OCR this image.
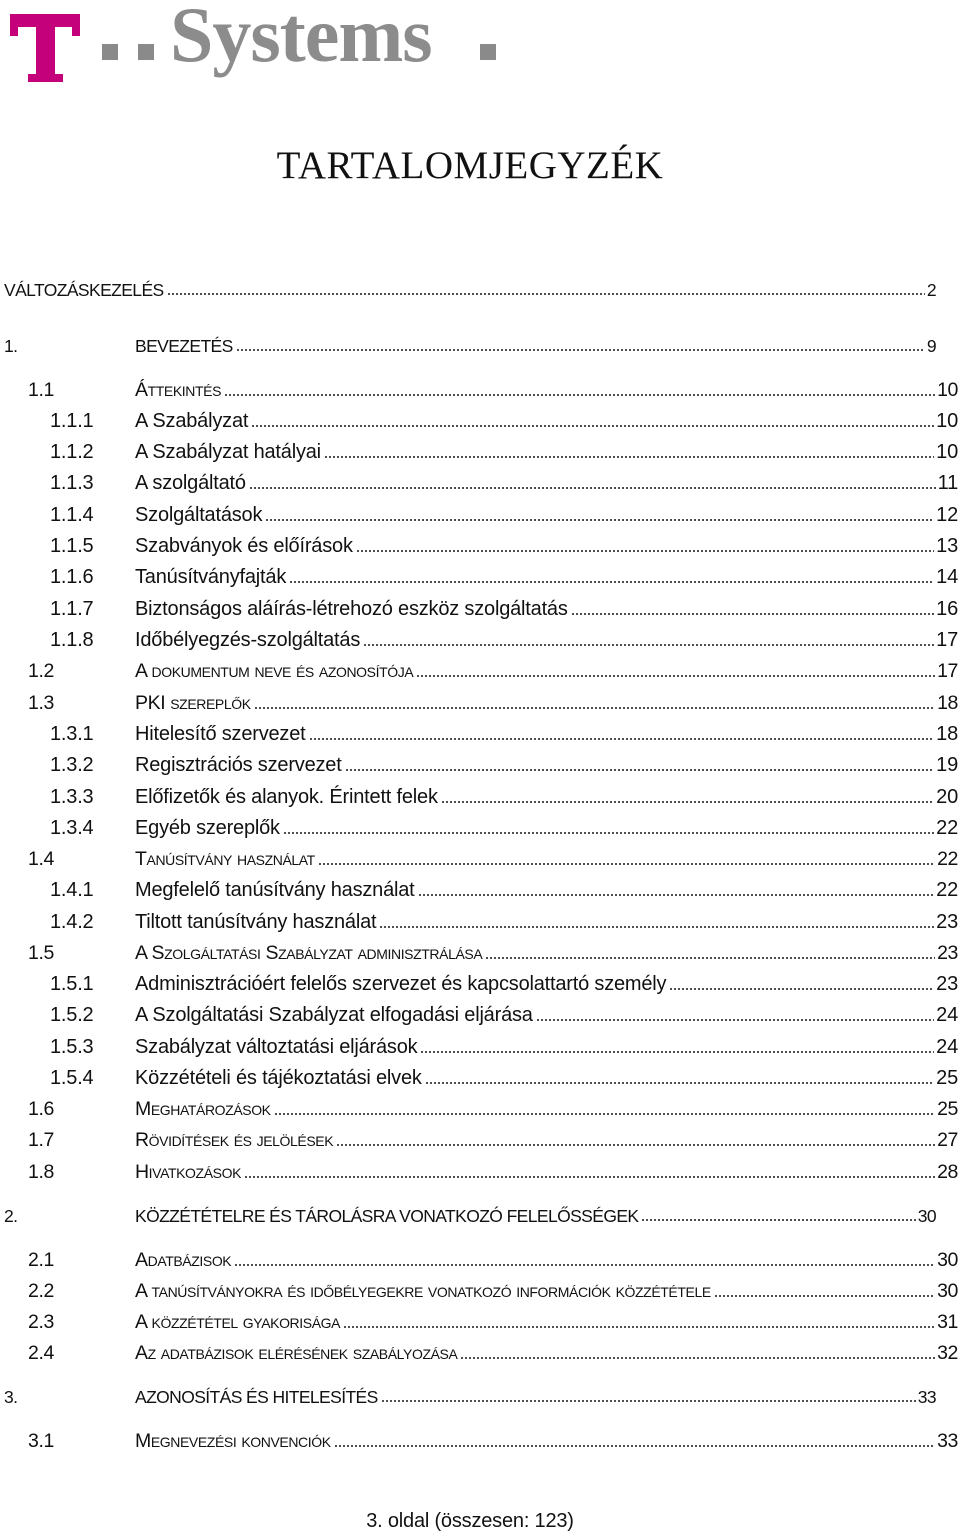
Systems
TARTALOMJEGYZÉK
VÁLTOZÁSKEZELÉS	2
1.	BEVEZETÉS	9
1.1	Áttekintés	10
1.1.1 A Szabályzat	10
1.1.2 A Szabályzat hatályai	10
1.1.3 A szolgáltató	11
1.1.4 Szolgáltatások	12
1.1.5 Szabványok és előírások	13
1.1.6 Tanúsítványfajták	14
1.1.7 Biztonságos aláírás-létrehozó eszköz szolgáltatás	16
1.1.8 Időbélyegzés-szolgáltatás	17
1.2	A dokumentum neve és azonosítója	17
1.3	PKI szereplők	18
1.3.1 Hitelesítő szervezet	18
1.3.2 Regisztrációs szervezet	19
1.3.3 Előfizetők és alanyok. Érintett felek	20
1.3.4 Egyéb szereplők	22
1.4	Tanúsítvány használat	22
1.4.1 Megfelelő tanúsítvány használat	22
1.4.2 Tiltott tanúsítvány használat	23
1.5	A Szolgáltatási Szabályzat adminisztrálása	23
1.5.1 Adminisztrációért felelős szervezet és kapcsolattartó személy	23
1.5.2 A Szolgáltatási Szabályzat elfogadási eljárása	24
1.5.3 Szabályzat változtatási eljárások	24
1.5.4 Közzétételi és tájékoztatási elvek	25
1.6	Meghatározások	25
1.7	Rövidítések és jelölések	27
1.8	Hivatkozások	28
2.	KÖZZÉTÉTELRE ÉS TÁROLÁSRA VONATKOZÓ FELELŐSSÉGEK	30
2.1	Adatbázisok	30
2.2	A tanúsítványokra és időbélyegekre vonatkozó információk közzététele	30
2.3	A közzététel gyakorisága	31
2.4	Az adatbázisok elérésének szabályozása	32
3.	AZONOSÍTÁS ÉS HITELESÍTÉS	33
3.1	Megnevezési konvenciók	33
3. oldal (összesen: 123)
